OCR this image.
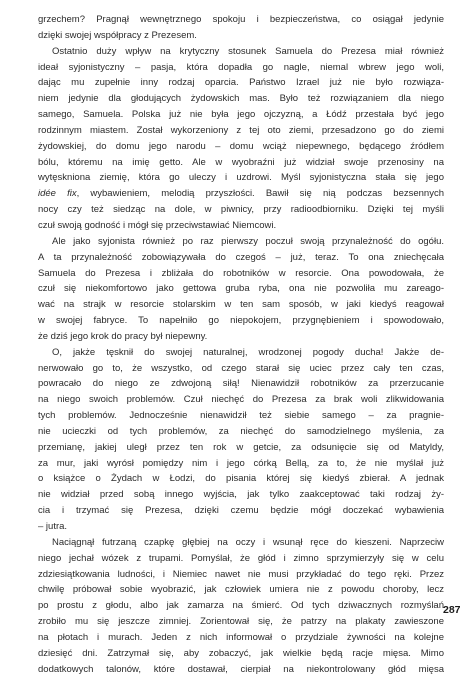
grzechem? Pragnął wewnętrznego spokoju i bezpieczeństwa, co osiągał jedynie
dzięki swojej współpracy z Prezesem.
Ostatnio duży wpływ na krytyczny stosunek Samuela do Prezesa miał również
ideał syjonistyczny – pasja, która dopadła go nagle, niemal wbrew jego woli,
dając mu zupełnie inny rodzaj oparcia. Państwo Izrael już nie było rozwiąza-
niem jedynie dla głodujących żydowskich mas. Było też rozwiązaniem dla niego
samego, Samuela. Polska już nie była jego ojczyzną, a Łódź przestała być jego
rodzinnym miastem. Został wykorzeniony z tej oto ziemi, przesadzono go do ziemi
żydowskiej, do domu jego narodu – domu wciąż niepewnego, będącego źródłem
bólu, któremu na imię getto. Ale w wyobraźni już widział swoje przenosiny na
wytęskniona ziemię, która go uleczy i uzdrowi. Myśl syjonistyczna stała się jego
idée fix, wybawieniem, melodią przyszłości. Bawił się nią podczas bezsennych
nocy czy też siedząc na dole, w piwnicy, przy radioodbiorniku. Dzięki tej myśli
czuł swoją godność i mógł się przeciwstawiać Niemcowi.
Ale jako syjonista również po raz pierwszy poczuł swoją przynależność do ogółu.
A ta przynależność zobowiązywała do czegoś – już, teraz. To ona zniechęcała
Samuela do Prezesa i zbliżała do robotników w resorcie. Ona powodowała, że
czuł się niekomfortowo jako gettowa gruba ryba, ona nie pozwoliła mu zareago-
wać na strajk w resorcie stolarskim w ten sam sposób, w jaki kiedyś reagował
w swojej fabryce. To napełniło go niepokojem, przygnębieniem i spowodowało,
że dziś jego krok do pracy był niepewny.
O, jakże tęsknił do swojej naturalnej, wrodzonej pogody ducha! Jakże de-
nerwowało go to, że wszystko, od czego starał się uciec przez cały ten czas,
powracało do niego ze zdwojoną siłą! Nienawidził robotników za przerzucanie
na niego swoich problemów. Czuł niechęć do Prezesa za brak woli zlikwidowania
tych problemów. Jednocześnie nienawidził też siebie samego – za pragnie-
nie ucieczki od tych problemów, za niechęć do samodzielnego myślenia, za
przemianę, jakiej uległ przez ten rok w getcie, za odsunięcie się od Matyldy,
za mur, jaki wyrósł pomiędzy nim i jego córką Bellą, za to, że nie myślał już
o książce o Żydach w Łodzi, do pisania której się kiedyś zbierał. A jednak
nie widział przed sobą innego wyjścia, jak tylko zaakceptować taki rodzaj ży-
cia i trzymać się Prezesa, dzięki czemu będzie mógł doczekać wybawienia
– jutra.
Naciągnął futrzaną czapkę głębiej na oczy i wsunął ręce do kieszeni. Naprzeciw
niego jechał wózek z trupami. Pomyślał, że głód i zimno sprzymierzyły się w celu
zdziesiątkowania ludności, i Niemiec nawet nie musi przykładać do tego ręki. Przez
chwilę próbował sobie wyobrazić, jak człowiek umiera nie z powodu choroby, lecz
po prostu z głodu, albo jak zamarza na śmierć. Od tych dziwacznych rozmyślań
zrobiło mu się jeszcze zimniej. Zorientował się, że patrzy na plakaty zawieszone
na płotach i murach. Jeden z nich informował o przydziale żywności na kolejne
dziesięć dni. Zatrzymał się, aby zobaczyć, jak wielkie będą racje mięsa. Mimo
dodatkowych talonów, które dostawał, cierpiał na niekontrolowany głód mięsa
287
